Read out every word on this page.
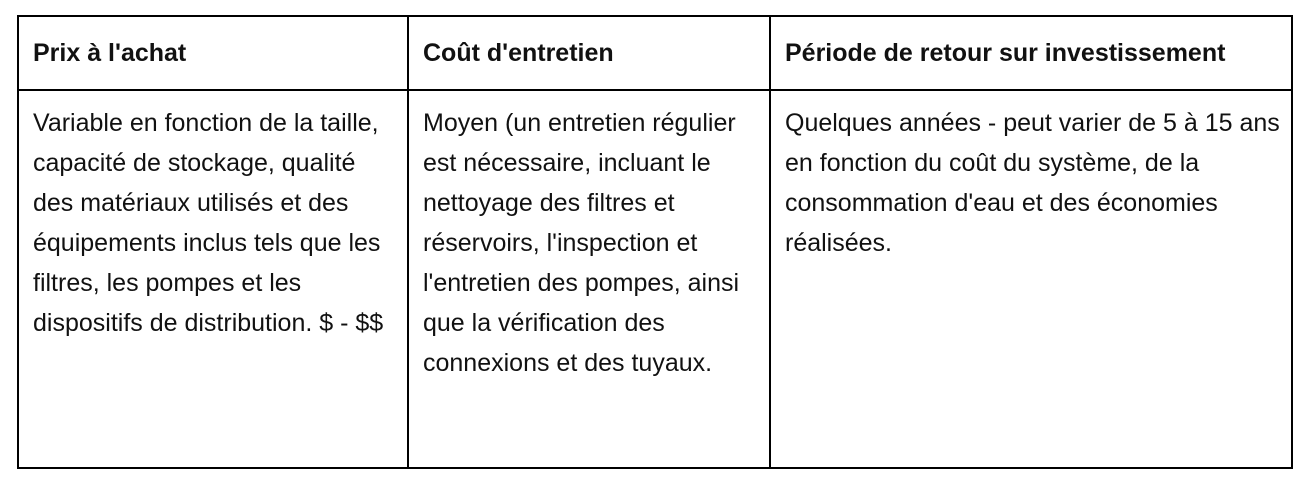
Prix à l'achat	Coût d'entretien	Période de retour sur investissement
Variable en fonction de la taille, capacité de stockage, qualité des matériaux utilisés et des équipements inclus tels que les filtres, les pompes et les dispositifs de distribution. $ - $$	Moyen (un entretien régulier est nécessaire, incluant le nettoyage des filtres et réservoirs, l'inspection et l'entretien des pompes, ainsi que la vérification des connexions et des tuyaux.	Quelques années - peut varier de 5 à 15 ans en fonction du coût du système, de la consommation d'eau et des économies réalisées.
